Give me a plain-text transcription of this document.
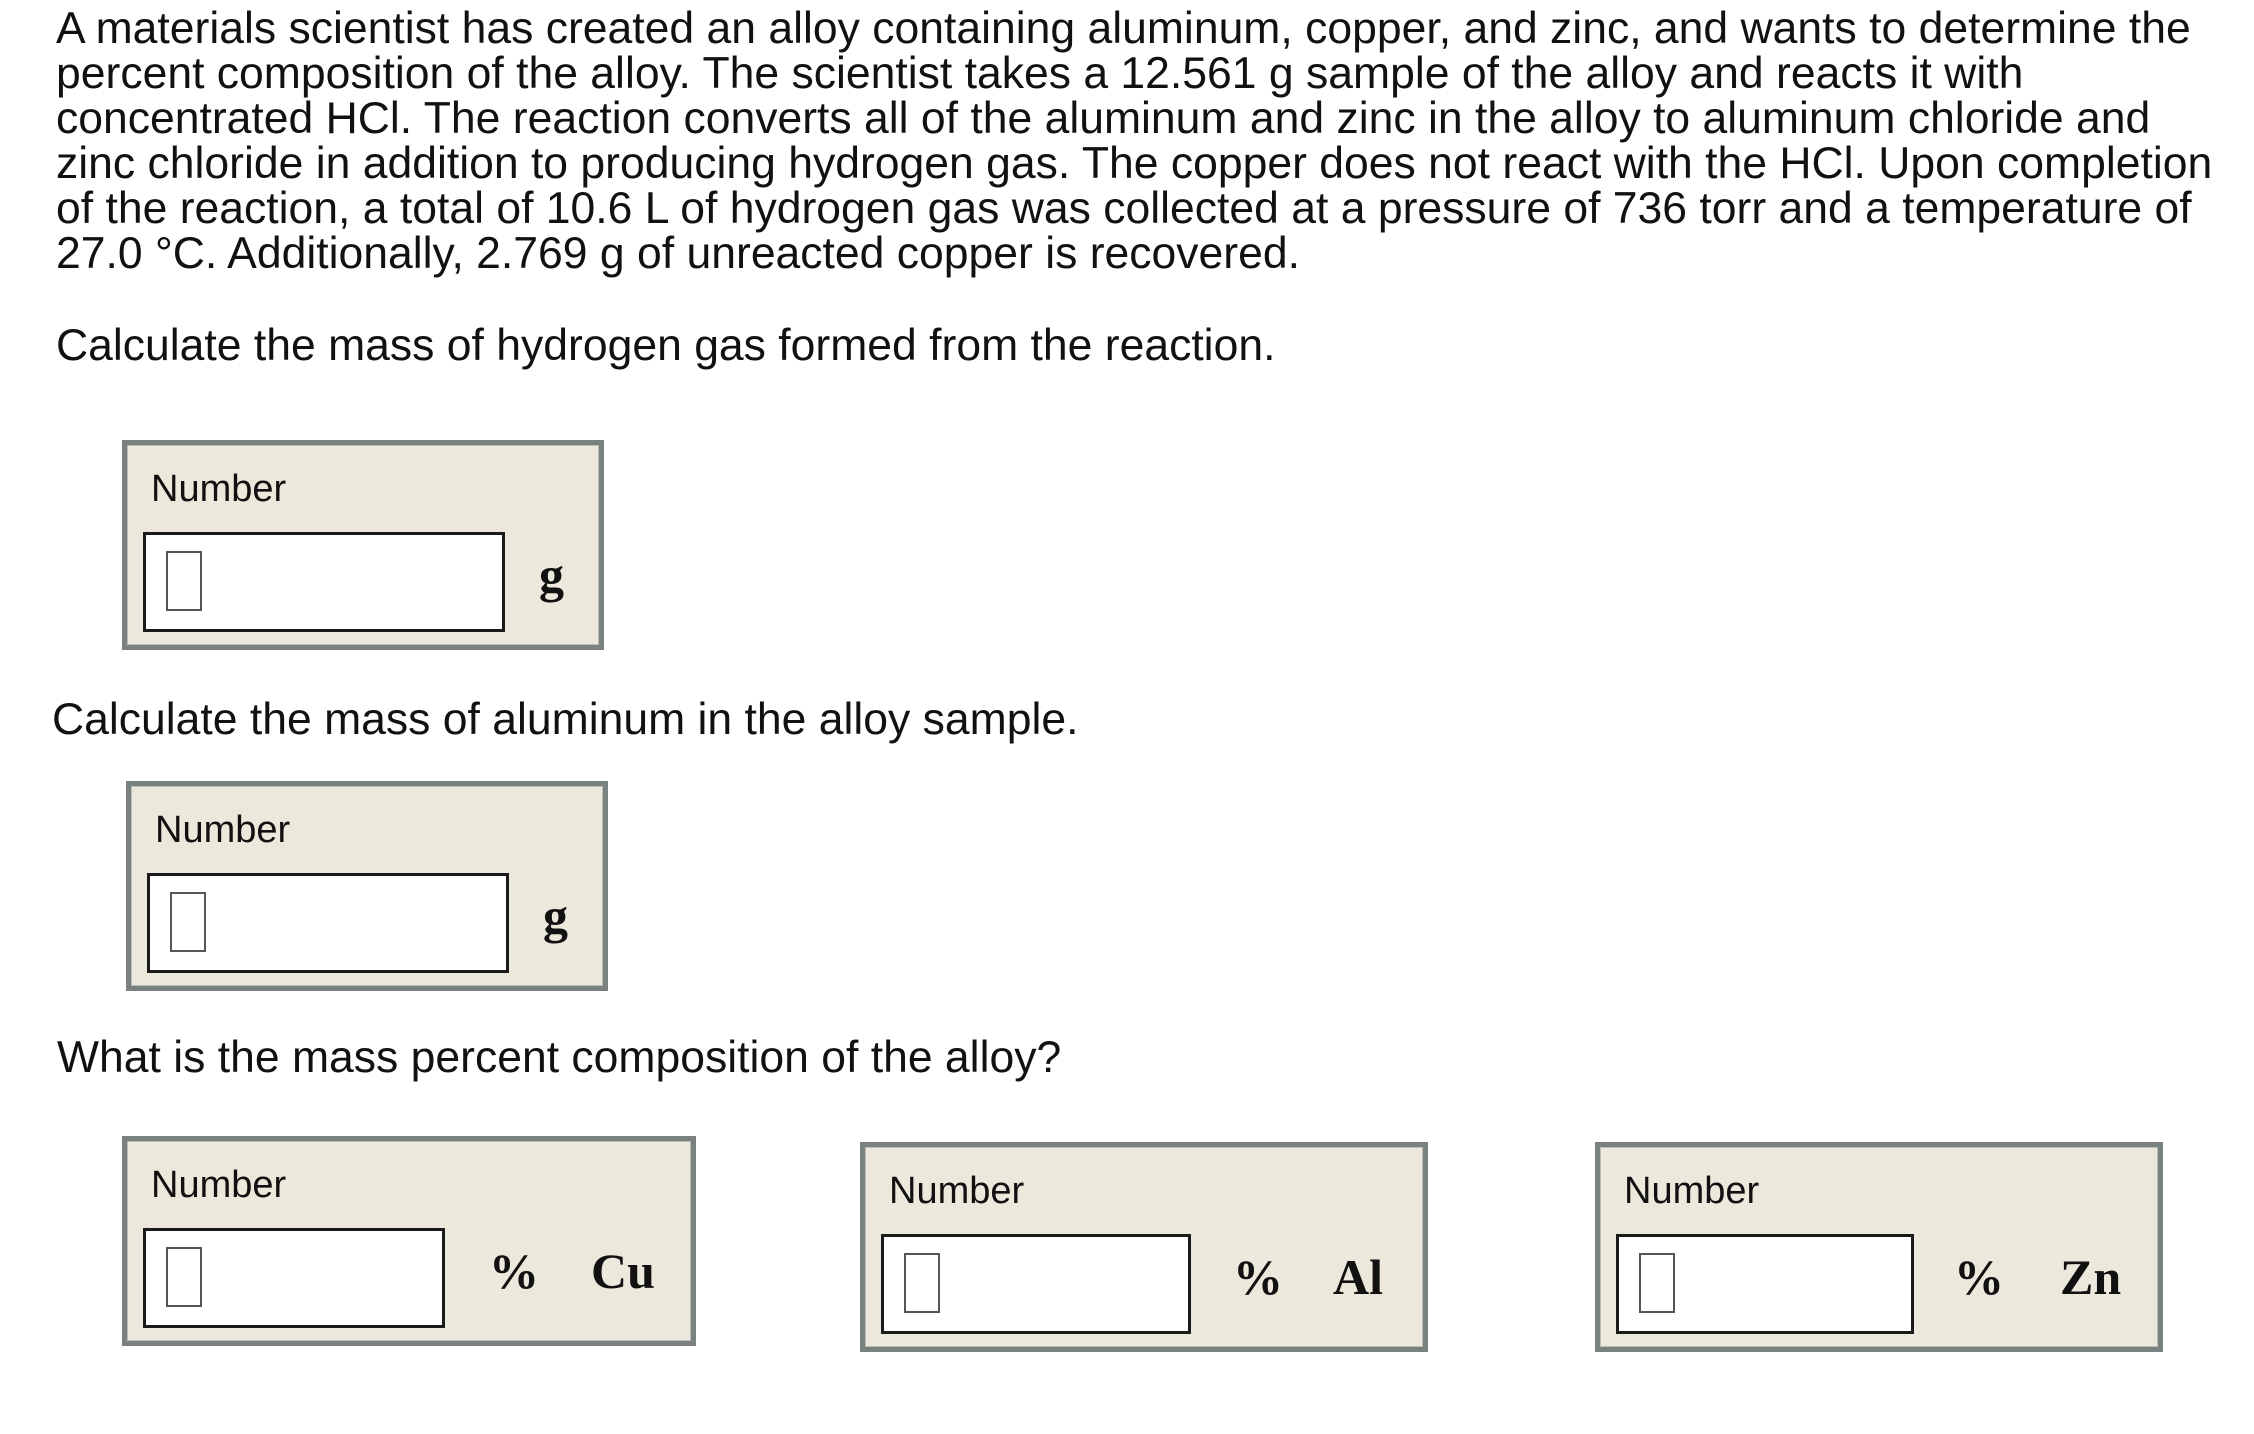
A materials scientist has created an alloy containing aluminum, copper, and zinc, and wants to determine the percent composition of the alloy. The scientist takes a 12.561 g sample of the alloy and reacts it with concentrated HCl. The reaction converts all of the aluminum and zinc in the alloy to aluminum chloride and zinc chloride in addition to producing hydrogen gas. The copper does not react with the HCl. Upon completion of the reaction, a total of 10.6 L of hydrogen gas was collected at a pressure of 736 torr and a temperature of 27.0 °C. Additionally, 2.769 g of unreacted copper is recovered.

Calculate the mass of hydrogen gas formed from the reaction.

Number
g

Calculate the mass of aluminum in the alloy sample.

Number
g

What is the mass percent composition of the alloy?

Number
% Cu
Number
% Al
Number
% Zn
